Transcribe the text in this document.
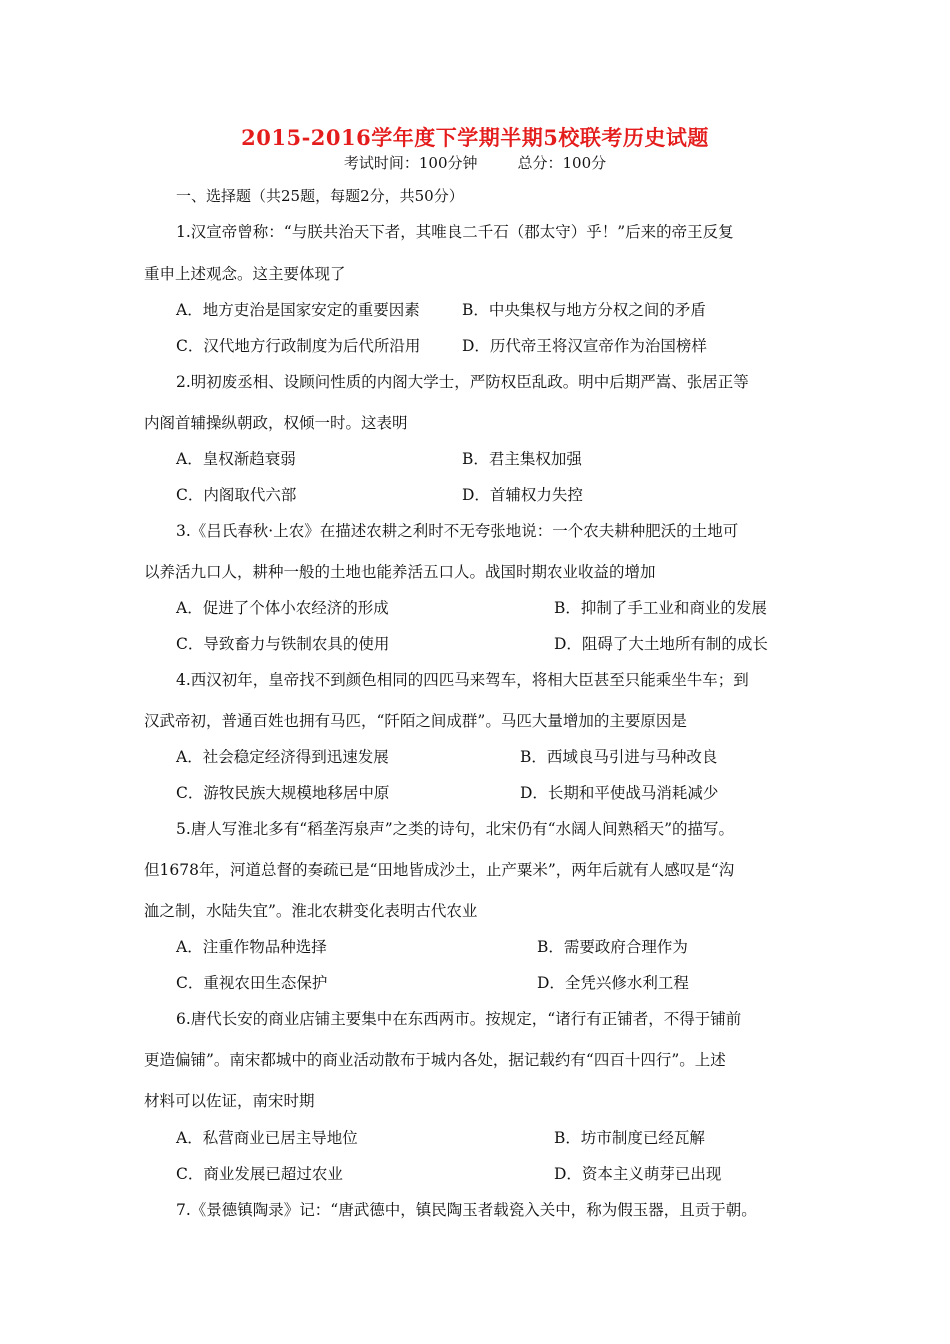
2015-2016学年度下学期半期5校联考历史试题
考试时间：100分钟	总分：100分
一、选择题（共25题，每题2分，共50分）
1.汉宣帝曾称：“与朕共治天下者，其唯良二千石（郡太守）乎！”后来的帝王反复
重申上述观念。这主要体现了
A．地方吏治是国家安定的重要因素	B．中央集权与地方分权之间的矛盾
C．汉代地方行政制度为后代所沿用	D．历代帝王将汉宣帝作为治国榜样
2.明初废丞相、设顾问性质的内阁大学士，严防权臣乱政。明中后期严嵩、张居正等
内阁首辅操纵朝政，权倾一时。这表明
A．皇权渐趋衰弱	B．君主集权加强
C．内阁取代六部	D．首辅权力失控
3.《吕氏春秋·上农》在描述农耕之利时不无夸张地说：一个农夫耕种肥沃的土地可
以养活九口人，耕种一般的土地也能养活五口人。战国时期农业收益的增加
A．促进了个体小农经济的形成	B．抑制了手工业和商业的发展
C．导致畜力与铁制农具的使用	D．阻碍了大土地所有制的成长
4.西汉初年，皇帝找不到颜色相同的四匹马来驾车，将相大臣甚至只能乘坐牛车；到
汉武帝初，普通百姓也拥有马匹，“阡陌之间成群”。马匹大量增加的主要原因是
A．社会稳定经济得到迅速发展	B．西域良马引进与马种改良
C．游牧民族大规模地移居中原	D．长期和平使战马消耗减少
5.唐人写淮北多有“稻垄泻泉声”之类的诗句，北宋仍有“水阔人间熟稻天”的描写。
但1678年，河道总督的奏疏已是“田地皆成沙土，止产粟米”，两年后就有人感叹是“沟
洫之制，水陆失宜”。淮北农耕变化表明古代农业
A．注重作物品种选择	B．需要政府合理作为
C．重视农田生态保护	D．全凭兴修水利工程
6.唐代长安的商业店铺主要集中在东西两市。按规定，“诸行有正铺者，不得于铺前
更造偏铺”。南宋都城中的商业活动散布于城内各处，据记载约有“四百十四行”。上述
材料可以佐证，南宋时期
A．私营商业已居主导地位	B．坊市制度已经瓦解
C．商业发展已超过农业	D．资本主义萌芽已出现
7.《景德镇陶录》记：“唐武德中，镇民陶玉者载瓷入关中，称为假玉器，且贡于朝。
